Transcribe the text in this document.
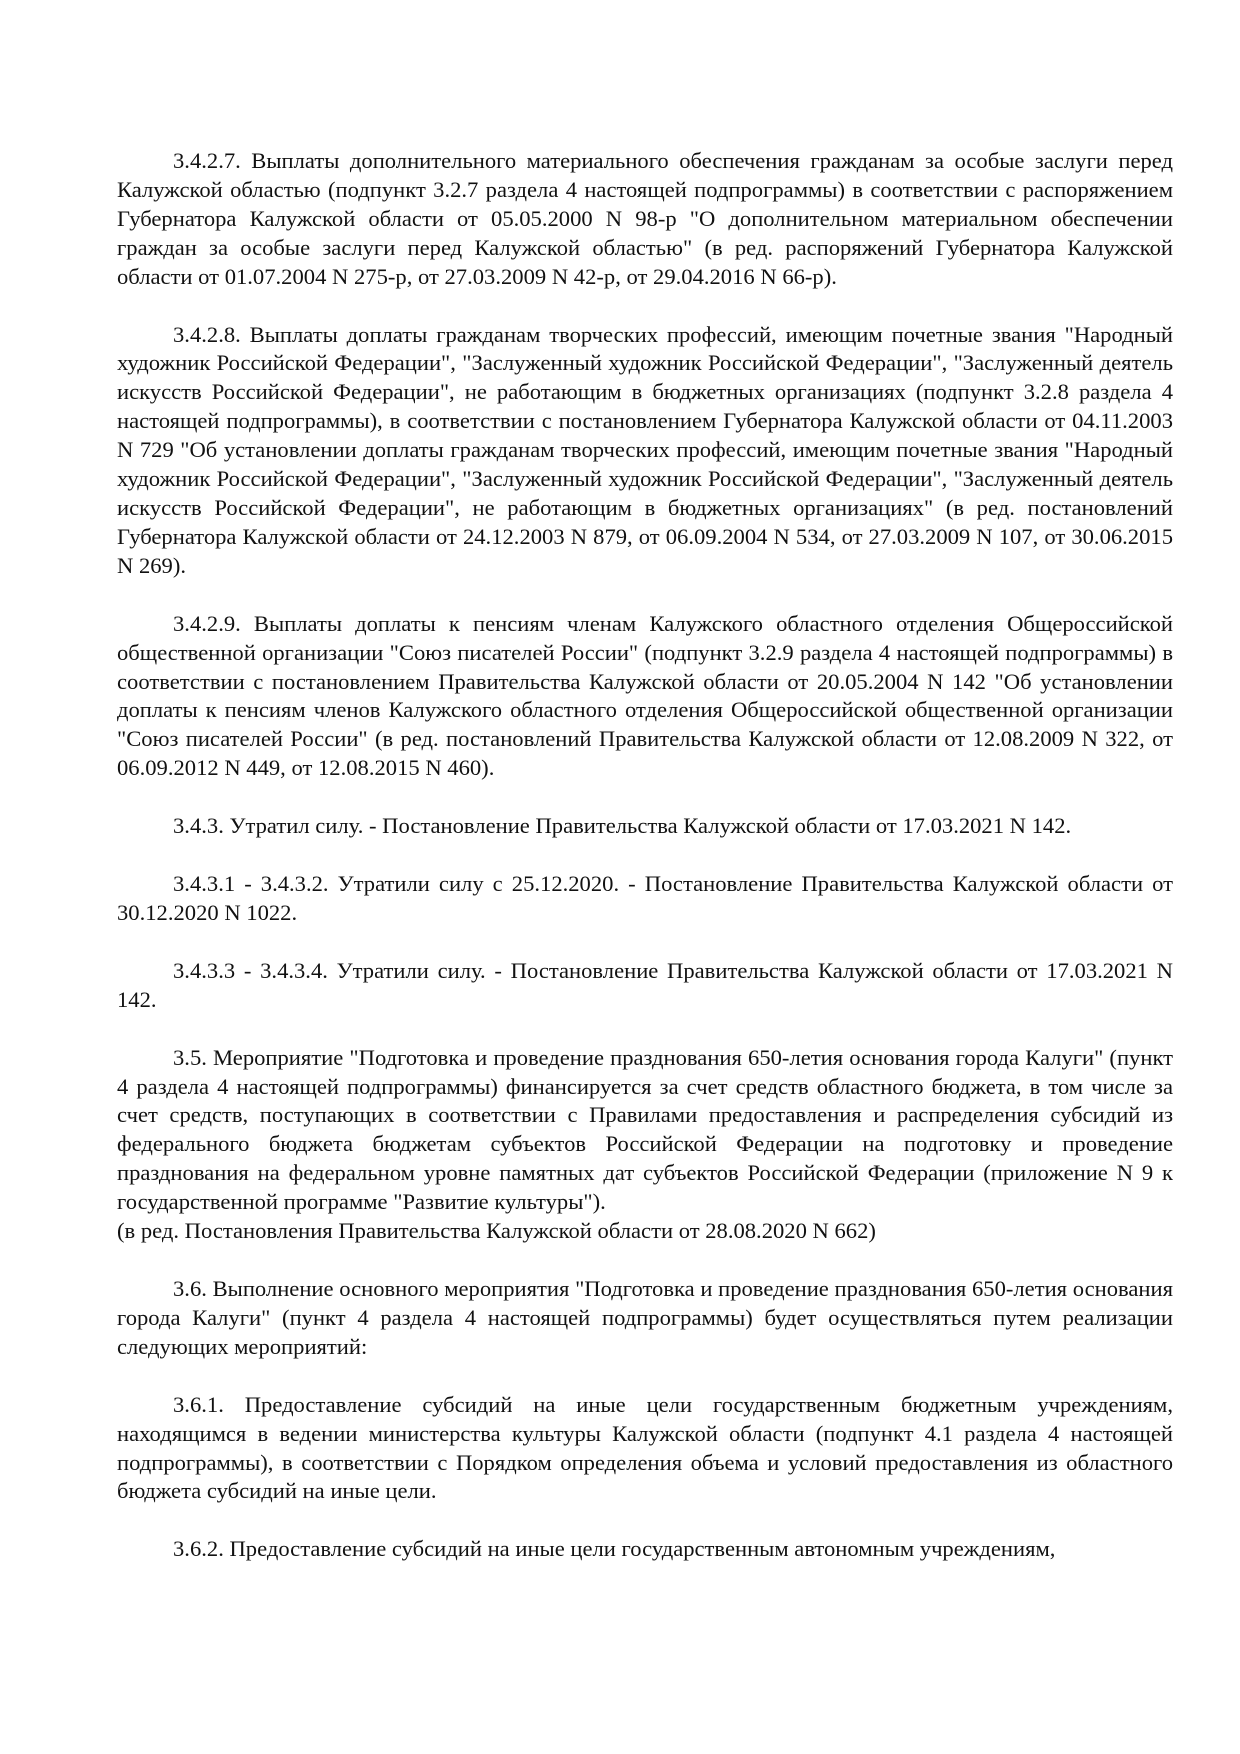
3.4.2.7. Выплаты дополнительного материального обеспечения гражданам за особые заслуги перед Калужской областью (подпункт 3.2.7 раздела 4 настоящей подпрограммы) в соответствии с распоряжением Губернатора Калужской области от 05.05.2000 N 98-р "О дополнительном материальном обеспечении граждан за особые заслуги перед Калужской областью" (в ред. распоряжений Губернатора Калужской области от 01.07.2004 N 275-р, от 27.03.2009 N 42-р, от 29.04.2016 N 66-р).

3.4.2.8. Выплаты доплаты гражданам творческих профессий, имеющим почетные звания "Народный художник Российской Федерации", "Заслуженный художник Российской Федерации", "Заслуженный деятель искусств Российской Федерации", не работающим в бюджетных организациях (подпункт 3.2.8 раздела 4 настоящей подпрограммы), в соответствии с постановлением Губернатора Калужской области от 04.11.2003 N 729 "Об установлении доплаты гражданам творческих профессий, имеющим почетные звания "Народный художник Российской Федерации", "Заслуженный художник Российской Федерации", "Заслуженный деятель искусств Российской Федерации", не работающим в бюджетных организациях" (в ред. постановлений Губернатора Калужской области от 24.12.2003 N 879, от 06.09.2004 N 534, от 27.03.2009 N 107, от 30.06.2015 N 269).

3.4.2.9. Выплаты доплаты к пенсиям членам Калужского областного отделения Общероссийской общественной организации "Союз писателей России" (подпункт 3.2.9 раздела 4 настоящей подпрограммы) в соответствии с постановлением Правительства Калужской области от 20.05.2004 N 142 "Об установлении доплаты к пенсиям членов Калужского областного отделения Общероссийской общественной организации "Союз писателей России" (в ред. постановлений Правительства Калужской области от 12.08.2009 N 322, от 06.09.2012 N 449, от 12.08.2015 N 460).

3.4.3. Утратил силу. - Постановление Правительства Калужской области от 17.03.2021 N 142.

3.4.3.1 - 3.4.3.2. Утратили силу с 25.12.2020. - Постановление Правительства Калужской области от 30.12.2020 N 1022.

3.4.3.3 - 3.4.3.4. Утратили силу. - Постановление Правительства Калужской области от 17.03.2021 N 142.

3.5. Мероприятие "Подготовка и проведение празднования 650-летия основания города Калуги" (пункт 4 раздела 4 настоящей подпрограммы) финансируется за счет средств областного бюджета, в том числе за счет средств, поступающих в соответствии с Правилами предоставления и распределения субсидий из федерального бюджета бюджетам субъектов Российской Федерации на подготовку и проведение празднования на федеральном уровне памятных дат субъектов Российской Федерации (приложение N 9 к государственной программе "Развитие культуры").

(в ред. Постановления Правительства Калужской области от 28.08.2020 N 662)

3.6. Выполнение основного мероприятия "Подготовка и проведение празднования 650-летия основания города Калуги" (пункт 4 раздела 4 настоящей подпрограммы) будет осуществляться путем реализации следующих мероприятий:

3.6.1. Предоставление субсидий на иные цели государственным бюджетным учреждениям, находящимся в ведении министерства культуры Калужской области (подпункт 4.1 раздела 4 настоящей подпрограммы), в соответствии с Порядком определения объема и условий предоставления из областного бюджета субсидий на иные цели.

3.6.2. Предоставление субсидий на иные цели государственным автономным учреждениям,
